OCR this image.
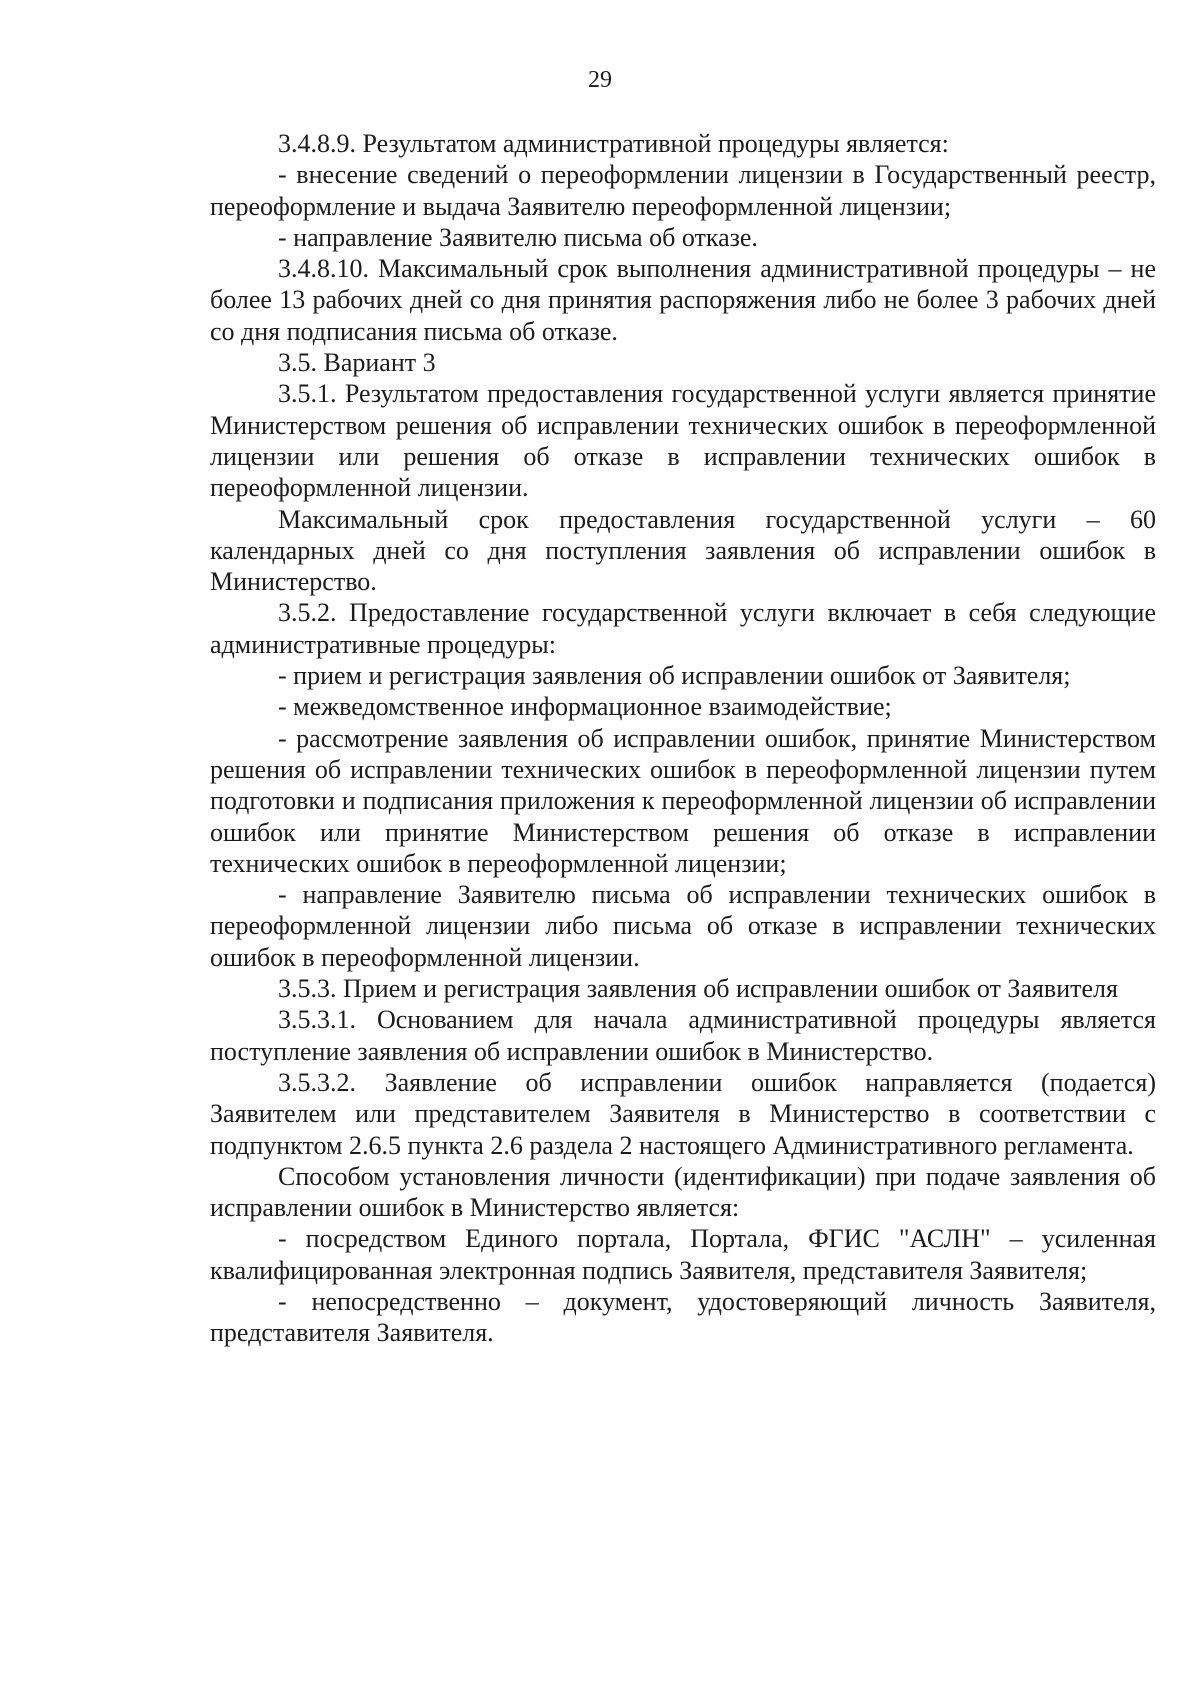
29

3.4.8.9. Результатом административной процедуры является:

- внесение сведений о переоформлении лицензии в Государственный реестр, переоформление и выдача Заявителю переоформленной лицензии;

- направление Заявителю письма об отказе.

3.4.8.10. Максимальный срок выполнения административной процедуры – не более 13 рабочих дней со дня принятия распоряжения либо не более 3 рабочих дней со дня подписания письма об отказе.

3.5. Вариант 3

3.5.1. Результатом предоставления государственной услуги является принятие Министерством решения об исправлении технических ошибок в переоформленной лицензии или решения об отказе в исправлении технических ошибок в переоформленной лицензии.

Максимальный срок предоставления государственной услуги – 60 календарных дней со дня поступления заявления об исправлении ошибок в Министерство.

3.5.2. Предоставление государственной услуги включает в себя следующие административные процедуры:

- прием и регистрация заявления об исправлении ошибок от Заявителя;

- межведомственное информационное взаимодействие;

- рассмотрение заявления об исправлении ошибок, принятие Министерством решения об исправлении технических ошибок в переоформленной лицензии путем подготовки и подписания приложения к переоформленной лицензии об исправлении ошибок или принятие Министерством решения об отказе в исправлении технических ошибок в переоформленной лицензии;

- направление Заявителю письма об исправлении технических ошибок в переоформленной лицензии либо письма об отказе в исправлении технических ошибок в переоформленной лицензии.

3.5.3. Прием и регистрация заявления об исправлении ошибок от Заявителя

3.5.3.1. Основанием для начала административной процедуры является поступление заявления об исправлении ошибок в Министерство.

3.5.3.2. Заявление об исправлении ошибок направляется (подается) Заявителем или представителем Заявителя в Министерство в соответствии с подпунктом 2.6.5 пункта 2.6 раздела 2 настоящего Административного регламента.

Способом установления личности (идентификации) при подаче заявления об исправлении ошибок в Министерство является:

- посредством Единого портала, Портала, ФГИС "АСЛН" – усиленная квалифицированная электронная подпись Заявителя, представителя Заявителя;

- непосредственно – документ, удостоверяющий личность Заявителя, представителя Заявителя.
